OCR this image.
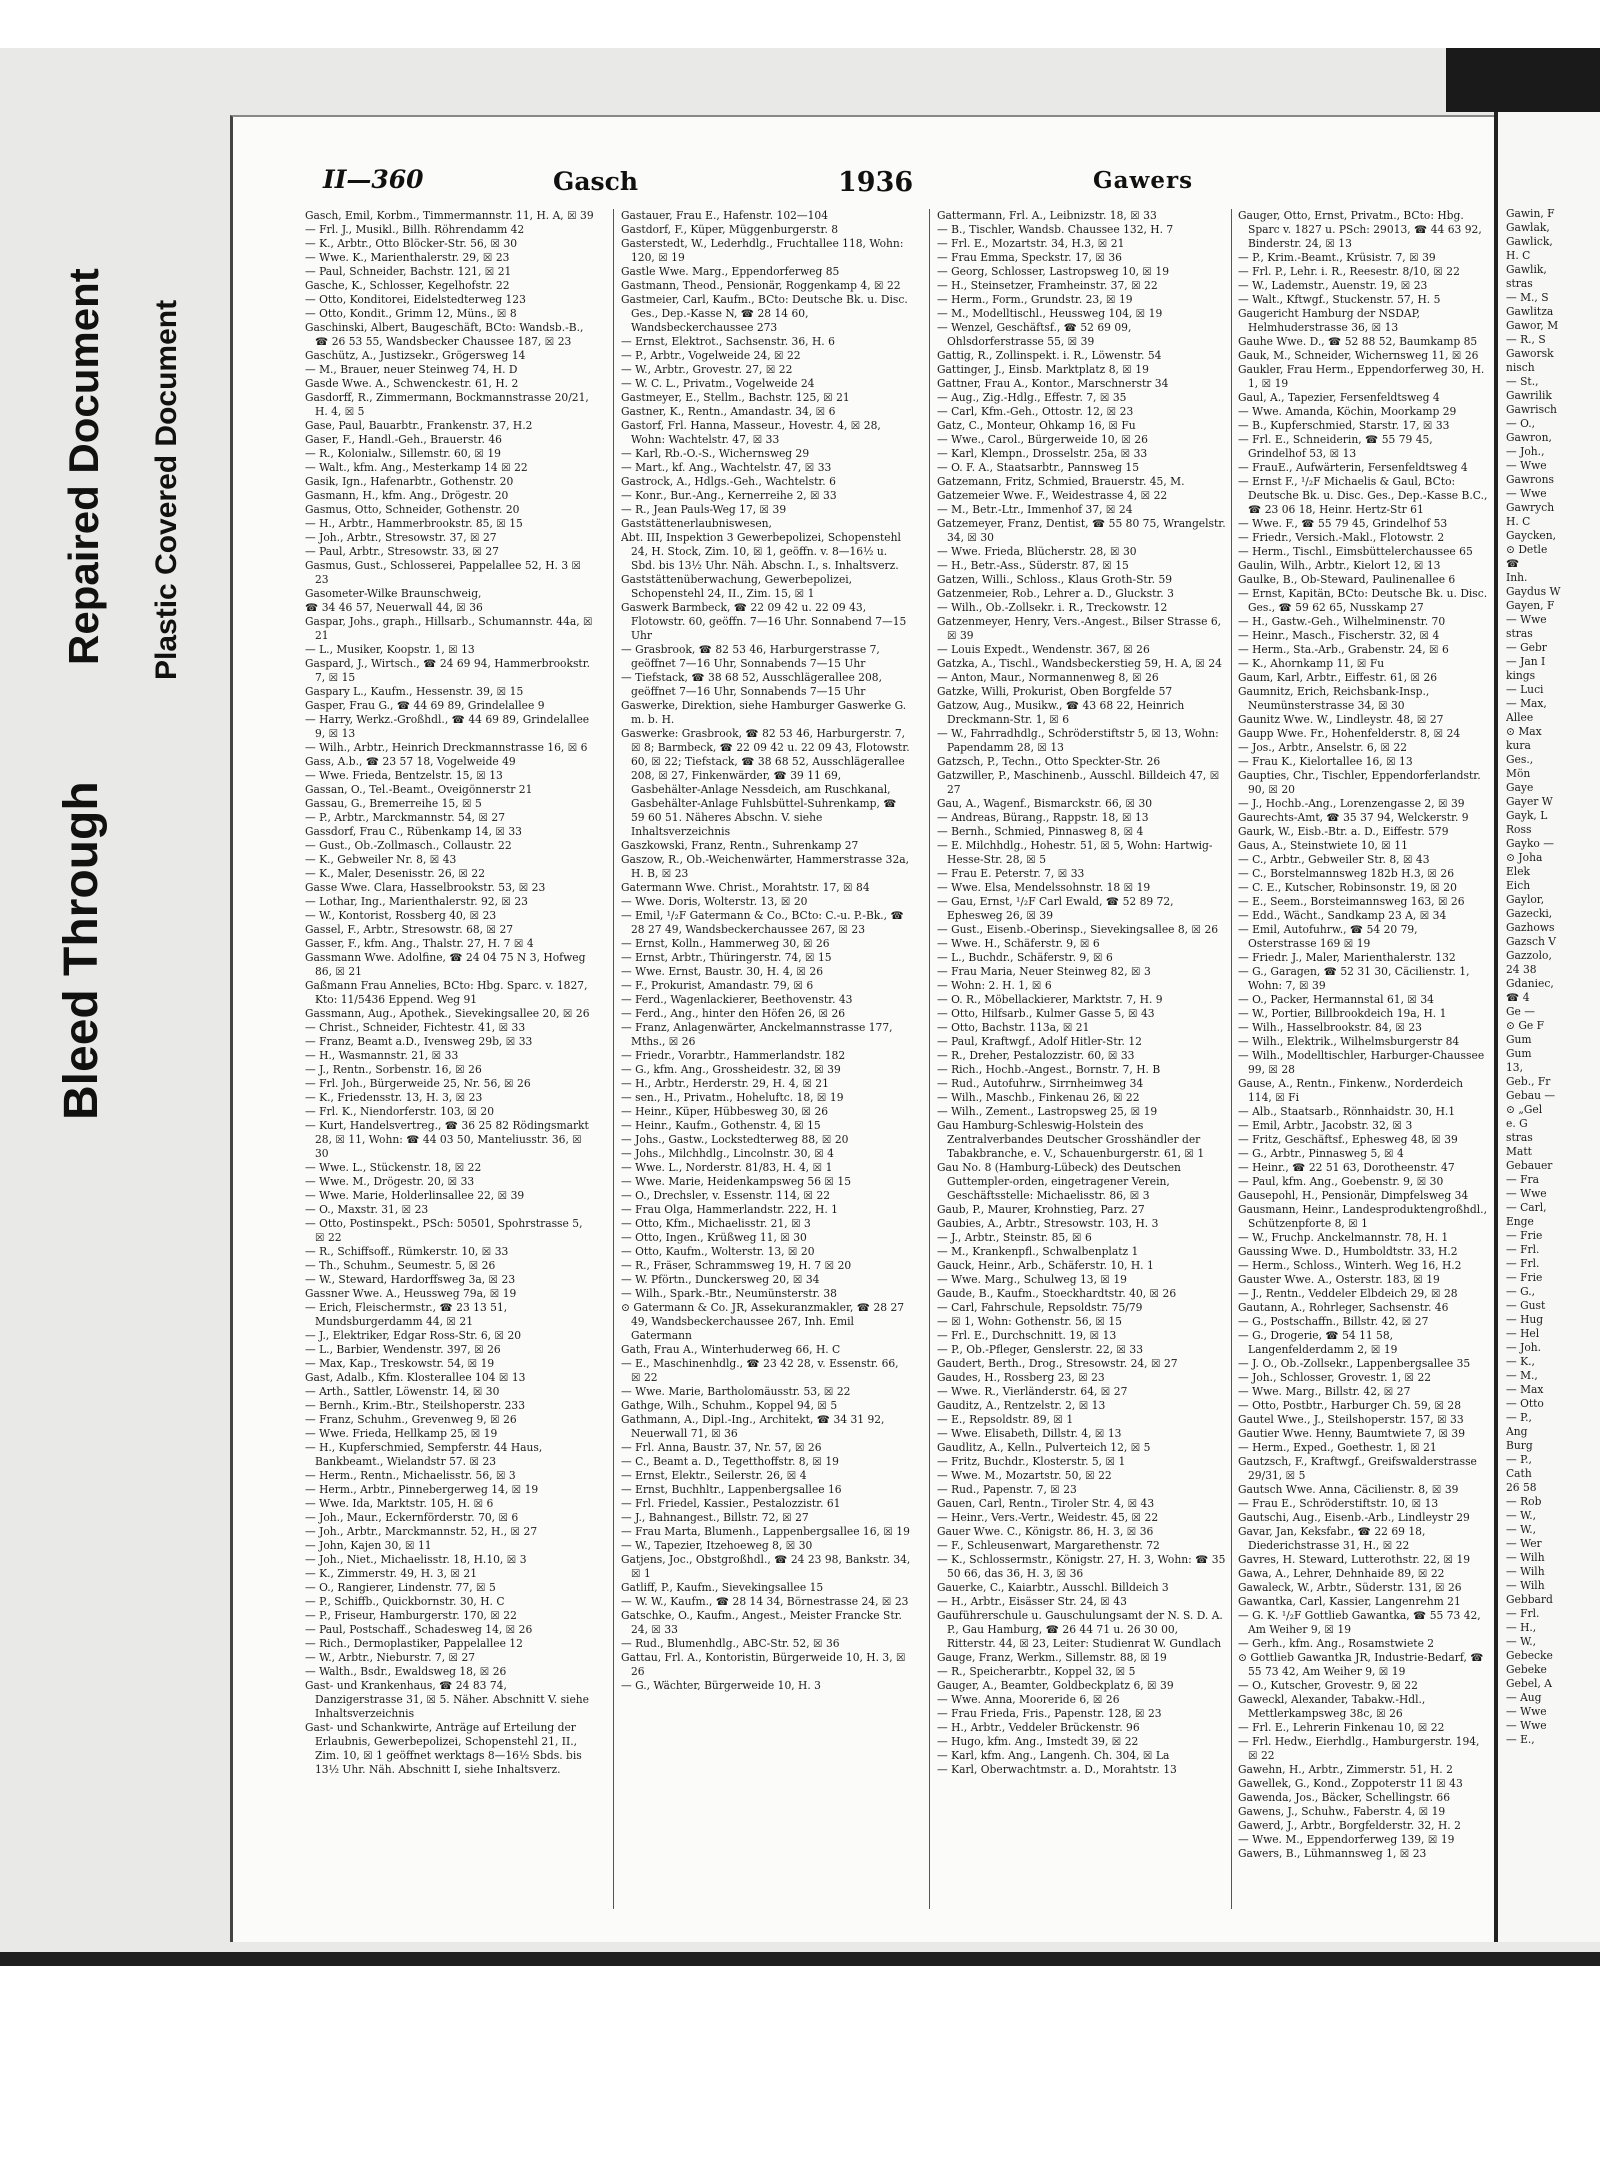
Bleed Through
Repaired Document Plastic Covered Document
II—360	Gasch	1936	Gawers
Gasch, Emil, Korbm., Timmermannstr. 11, H. A, ☒ 39
— Frl. J., Musikl., Billh. Röhrendamm 42
— K., Arbtr., Otto Blöcker-Str. 56, ☒ 30
— Wwe. K., Marienthalerstr. 29, ☒ 23
— Paul, Schneider, Bachstr. 121, ☒ 21
Gasche, K., Schlosser, Kegelhofstr. 22
— Otto, Konditorei, Eidelstedterweg 123
— Otto, Kondit., Grimm 12, Müns., ☒ 8
Gaschinski, Albert, Baugeschäft, BCto: Wandsb.-B., ☎ 26 53 55, Wandsbecker Chaussee 187, ☒ 23
Gaschütz, A., Justizsekr., Grögersweg 14
— M., Brauer, neuer Steinweg 74, H. D
Gasde Wwe. A., Schwenckestr. 61, H. 2
Gasdorff, R., Zimmermann, Bockmannstrasse 20/21, H. 4, ☒ 5
Gase, Paul, Bauarbtr., Frankenstr. 37, H.2
Gaser, F., Handl.-Geh., Brauerstr. 46
— R., Kolonialw., Sillemstr. 60, ☒ 19
— Walt., kfm. Ang., Mesterkamp 14 ☒ 22
Gasik, Ign., Hafenarbtr., Gothenstr. 20
Gasmann, H., kfm. Ang., Drögestr. 20
Gasmus, Otto, Schneider, Gothenstr. 20
— H., Arbtr., Hammerbrookstr. 85, ☒ 15
— Joh., Arbtr., Stresowstr. 37, ☒ 27
— Paul, Arbtr., Stresowstr. 33, ☒ 27
Gasmus, Gust., Schlosserei, Pappelallee 52, H. 3 ☒ 23
Gasometer-Wilke Braunschweig,
☎ 34 46 57, Neuerwall 44, ☒ 36
Gaspar, Johs., graph., Hillsarb., Schumannstr. 44a, ☒ 21
— L., Musiker, Koopstr. 1, ☒ 13
Gaspard, J., Wirtsch., ☎ 24 69 94, Hammerbrookstr. 7, ☒ 15
Gaspary L., Kaufm., Hessenstr. 39, ☒ 15
Gasper, Frau G., ☎ 44 69 89, Grindelallee 9
— Harry, Werkz.-Großhdl., ☎ 44 69 89, Grindelallee 9, ☒ 13
— Wilh., Arbtr., Heinrich Dreckmannstrasse 16, ☒ 6
Gass, A.b., ☎ 23 57 18, Vogelweide 49
— Wwe. Frieda, Bentzelstr. 15, ☒ 13
Gassan, O., Tel.-Beamt., Oveigönnerstr 21
Gassau, G., Bremerreihe 15, ☒ 5
— P., Arbtr., Marckmannstr. 54, ☒ 27
Gassdorf, Frau C., Rübenkamp 14, ☒ 33
— Gust., Ob.-Zollmasch., Collaustr. 22
— K., Gebweiler Nr. 8, ☒ 43
— K., Maler, Desenisstr. 26, ☒ 22
Gasse Wwe. Clara, Hasselbrookstr. 53, ☒ 23
— Lothar, Ing., Marienthalerstr. 92, ☒ 23
— W., Kontorist, Rossberg 40, ☒ 23
Gassel, F., Arbtr., Stresowstr. 68, ☒ 27
Gasser, F., kfm. Ang., Thalstr. 27, H. 7 ☒ 4
Gassmann Wwe. Adolfine, ☎ 24 04 75 N 3, Hofweg 86, ☒ 21
Gaßmann Frau Annelies, BCto: Hbg. Sparc. v. 1827, Kto: 11/5436 Eppend. Weg 91
Gassmann, Aug., Apothek., Sievekingsallee 20, ☒ 26
— Christ., Schneider, Fichtestr. 41, ☒ 33
— Franz, Beamt a.D., Ivensweg 29b, ☒ 33
— H., Wasmannstr. 21, ☒ 33
— J., Rentn., Sorbenstr. 16, ☒ 26
— Frl. Joh., Bürgerweide 25, Nr. 56, ☒ 26
— K., Friedensstr. 13, H. 3, ☒ 23
— Frl. K., Niendorferstr. 103, ☒ 20
— Kurt, Handelsvertreg., ☎ 36 25 82 Rödingsmarkt 28, ☒ 11, Wohn: ☎ 44 03 50, Manteliusstr. 36, ☒ 30
— Wwe. L., Stückenstr. 18, ☒ 22
— Wwe. M., Drögestr. 20, ☒ 33
— Wwe. Marie, Holderlinsallee 22, ☒ 39
— O., Maxstr. 31, ☒ 23
— Otto, Postinspekt., PSch: 50501, Spohrstrasse 5, ☒ 22
— R., Schiffsoff., Rümkerstr. 10, ☒ 33
— Th., Schuhm., Seumestr. 5, ☒ 26
— W., Steward, Hardorffsweg 3a, ☒ 23
Gassner Wwe. A., Heussweg 79a, ☒ 19
— Erich, Fleischermstr., ☎ 23 13 51, Mundsburgerdamm 44, ☒ 21
— J., Elektriker, Edgar Ross-Str. 6, ☒ 20
— L., Barbier, Wendenstr. 397, ☒ 26
— Max, Kap., Treskowstr. 54, ☒ 19
Gast, Adalb., Kfm. Klosterallee 104 ☒ 13
— Arth., Sattler, Löwenstr. 14, ☒ 30
— Bernh., Krim.-Btr., Steilshoperstr. 233
— Franz, Schuhm., Grevenweg 9, ☒ 26
— Wwe. Frieda, Hellkamp 25, ☒ 19
— H., Kupferschmied, Sempferstr. 44 Haus, Bankbeamt., Wielandstr 57. ☒ 23
— Herm., Rentn., Michaelisstr. 56, ☒ 3
— Herm., Arbtr., Pinnebergerweg 14, ☒ 19
— Wwe. Ida, Marktstr. 105, H. ☒ 6
— Joh., Maur., Eckernförderstr. 70, ☒ 6
— Joh., Arbtr., Marckmannstr. 52, H., ☒ 27
— John, Kajen 30, ☒ 11
— Joh., Niet., Michaelisstr. 18, H.10, ☒ 3
— K., Zimmerstr. 49, H. 3, ☒ 21
— O., Rangierer, Lindenstr. 77, ☒ 5
— P., Schiffb., Quickbornstr. 30, H. C
— P., Friseur, Hamburgerstr. 170, ☒ 22
— Paul, Postschaff., Schadesweg 14, ☒ 26
— Rich., Dermoplastiker, Pappelallee 12
— W., Arbtr., Nieburstr. 7, ☒ 27
— Walth., Bsdr., Ewaldsweg 18, ☒ 26
Gast- und Krankenhaus, ☎ 24 83 74, Danzigerstrasse 31, ☒ 5. Näher. Abschnitt V. siehe Inhaltsverzeichnis
Gast- und Schankwirte, Anträge auf Erteilung der Erlaubnis, Gewerbepolizei, Schopenstehl 21, II., Zim. 10, ☒ 1 geöffnet werktags 8—16½ Sbds. bis 13½ Uhr. Näh. Abschnitt I, siehe Inhaltsverz.
Gastauer, Frau E., Hafenstr. 102—104
Gastdorf, F., Küper, Müggenburgerstr. 8
Gasterstedt, W., Lederhdlg., Fruchtallee 118, Wohn: 120, ☒ 19
Gastle Wwe. Marg., Eppendorferweg 85
Gastmann, Theod., Pensionär, Roggenkamp 4, ☒ 22
Gastmeier, Carl, Kaufm., BCto: Deutsche Bk. u. Disc. Ges., Dep.-Kasse N, ☎ 28 14 60, Wandsbeckerchaussee 273
— Ernst, Elektrot., Sachsenstr. 36, H. 6
— P., Arbtr., Vogelweide 24, ☒ 22
— W., Arbtr., Grovestr. 27, ☒ 22
— W. C. L., Privatm., Vogelweide 24
Gastmeyer, E., Stellm., Bachstr. 125, ☒ 21
Gastner, K., Rentn., Amandastr. 34, ☒ 6
Gastorf, Frl. Hanna, Masseur., Hovestr. 4, ☒ 28, Wohn: Wachtelstr. 47, ☒ 33
— Karl, Rb.-O.-S., Wichernsweg 29
— Mart., kf. Ang., Wachtelstr. 47, ☒ 33
Gastrock, A., Hdlgs.-Geh., Wachtelstr. 6
— Konr., Bur.-Ang., Kernerreihe 2, ☒ 33
— R., Jean Pauls-Weg 17, ☒ 39
Gaststättenerlaubniswesen,
Abt. III, Inspektion 3 Gewerbepolizei, Schopenstehl 24, H. Stock, Zim. 10, ☒ 1, geöffn. v. 8—16½ u. Sbd. bis 13½ Uhr. Näh. Abschn. I., s. Inhaltsverz.
Gaststättenüberwachung, Gewerbepolizei, Schopenstehl 24, II., Zim. 15, ☒ 1
Gaswerk Barmbeck, ☎ 22 09 42 u. 22 09 43, Flotowstr. 60, geöffn. 7—16 Uhr. Sonnabend 7—15 Uhr
— Grasbrook, ☎ 82 53 46, Harburgerstrasse 7, geöffnet 7—16 Uhr, Sonnabends 7—15 Uhr
— Tiefstack, ☎ 38 68 52, Ausschlägerallee 208, geöffnet 7—16 Uhr, Sonnabends 7—15 Uhr
Gaswerke, Direktion, siehe Hamburger Gaswerke G. m. b. H.
Gaswerke: Grasbrook, ☎ 82 53 46, Harburgerstr. 7, ☒ 8; Barmbeck, ☎ 22 09 42 u. 22 09 43, Flotowstr. 60, ☒ 22; Tiefstack, ☎ 38 68 52, Ausschlägerallee 208, ☒ 27, Finkenwärder, ☎ 39 11 69, Gasbehälter-Anlage Nessdeich, am Ruschkanal, Gasbehälter-Anlage Fuhlsbüttel-Suhrenkamp, ☎ 59 60 51. Näheres Abschn. V. siehe Inhaltsverzeichnis
Gaszkowski, Franz, Rentn., Suhrenkamp 27
Gaszow, R., Ob.-Weichenwärter, Hammerstrasse 32a, H. B, ☒ 23
Gatermann Wwe. Christ., Morahtstr. 17, ☒ 84
— Wwe. Doris, Wolterstr. 13, ☒ 20
— Emil, ¹/₂F Gatermann & Co., BCto: C.-u. P.-Bk., ☎ 28 27 49, Wandsbeckerchaussee 267, ☒ 23
— Ernst, Kolln., Hammerweg 30, ☒ 26
— Ernst, Arbtr., Thüringerstr. 74, ☒ 15
— Wwe. Ernst, Baustr. 30, H. 4, ☒ 26
— F., Prokurist, Amandastr. 79, ☒ 6
— Ferd., Wagenlackierer, Beethovenstr. 43
— Ferd., Ang., hinter den Höfen 26, ☒ 26
— Franz, Anlagenwärter, Anckelmannstrasse 177, Mths., ☒ 26
— Friedr., Vorarbtr., Hammerlandstr. 182
— G., kfm. Ang., Grossheidestr. 32, ☒ 39
— H., Arbtr., Herderstr. 29, H. 4, ☒ 21
— sen., H., Privatm., Hoheluftc. 18, ☒ 19
— Heinr., Küper, Hübbesweg 30, ☒ 26
— Heinr., Kaufm., Gothenstr. 4, ☒ 15
— Johs., Gastw., Lockstedterweg 88, ☒ 20
— Johs., Milchhdlg., Lincolnstr. 30, ☒ 4
— Wwe. L., Norderstr. 81/83, H. 4, ☒ 1
— Wwe. Marie, Heidenkampsweg 56 ☒ 15
— O., Drechsler, v. Essenstr. 114, ☒ 22
— Frau Olga, Hammerlandstr. 222, H. 1
— Otto, Kfm., Michaelisstr. 21, ☒ 3
— Otto, Ingen., Krüßweg 11, ☒ 30
— Otto, Kaufm., Wolterstr. 13, ☒ 20
— R., Fräser, Schrammsweg 19, H. 7 ☒ 20
— W. Pförtn., Dunckersweg 20, ☒ 34
— Wilh., Spark.-Btr., Neumünsterstr. 38
⊙ Gatermann & Co. JR, Assekuranzmakler, ☎ 28 27 49, Wandsbeckerchaussee 267, Inh. Emil Gatermann
Gath, Frau A., Winterhuderweg 66, H. C
— E., Maschinenhdlg., ☎ 23 42 28, v. Essenstr. 66, ☒ 22
— Wwe. Marie, Bartholomäusstr. 53, ☒ 22
Gathge, Wilh., Schuhm., Koppel 94, ☒ 5
Gathmann, A., Dipl.-Ing., Architekt, ☎ 34 31 92, Neuerwall 71, ☒ 36
— Frl. Anna, Baustr. 37, Nr. 57, ☒ 26
— C., Beamt a. D., Tegetthoffstr. 8, ☒ 19
— Ernst, Elektr., Seilerstr. 26, ☒ 4
— Ernst, Buchhltr., Lappenbergsallee 16
— Frl. Friedel, Kassier., Pestalozzistr. 61
— J., Bahnangest., Billstr. 72, ☒ 27
— Frau Marta, Blumenh., Lappenbergsallee 16, ☒ 19
— W., Tapezier, Itzehoeweg 8, ☒ 30
Gatjens, Joc., Obstgroßhdl., ☎ 24 23 98, Bankstr. 34, ☒ 1
Gatliff, P., Kaufm., Sievekingsallee 15
— W. W., Kaufm., ☎ 28 14 34, Börnestrasse 24, ☒ 23
Gatschke, O., Kaufm., Angest., Meister Francke Str. 24, ☒ 33
— Rud., Blumenhdlg., ABC-Str. 52, ☒ 36
Gattau, Frl. A., Kontoristin, Bürgerweide 10, H. 3, ☒ 26
— G., Wächter, Bürgerweide 10, H. 3
Gattermann, Frl. A., Leibnizstr. 18, ☒ 33
— B., Tischler, Wandsb. Chaussee 132, H. 7
— Frl. E., Mozartstr. 34, H.3, ☒ 21
— Frau Emma, Speckstr. 17, ☒ 36
— Georg, Schlosser, Lastropsweg 10, ☒ 19
— H., Steinsetzer, Framheinstr. 37, ☒ 22
— Herm., Form., Grundstr. 23, ☒ 19
— M., Modelltischl., Heussweg 104, ☒ 19
— Wenzel, Geschäftsf., ☎ 52 69 09, Ohlsdorferstrasse 55, ☒ 39
Gattig, R., Zollinspekt. i. R., Löwenstr. 54
Gattinger, J., Einsb. Marktplatz 8, ☒ 19
Gattner, Frau A., Kontor., Marschnerstr 34
— Aug., Zig.-Hdlg., Effestr. 7, ☒ 35
— Carl, Kfm.-Geh., Ottostr. 12, ☒ 23
Gatz, C., Monteur, Ohkamp 16, ☒ Fu
— Wwe., Carol., Bürgerweide 10, ☒ 26
— Karl, Klempn., Drosselstr. 25a, ☒ 33
— O. F. A., Staatsarbtr., Pannsweg 15
Gatzemann, Fritz, Schmied, Brauerstr. 45, M.
Gatzemeier Wwe. F., Weidestrasse 4, ☒ 22
— M., Betr.-Ltr., Immenhof 37, ☒ 24
Gatzemeyer, Franz, Dentist, ☎ 55 80 75, Wrangelstr. 34, ☒ 30
— Wwe. Frieda, Blücherstr. 28, ☒ 30
— H., Betr.-Ass., Süderstr. 87, ☒ 15
Gatzen, Willi., Schloss., Klaus Groth-Str. 59
Gatzenmeier, Rob., Lehrer a. D., Gluckstr. 3
— Wilh., Ob.-Zollsekr. i. R., Treckowstr. 12
Gatzenmeyer, Henry, Vers.-Angest., Bilser Strasse 6, ☒ 39
— Louis Expedt., Wendenstr. 367, ☒ 26
Gatzka, A., Tischl., Wandsbeckerstieg 59, H. A, ☒ 24
— Anton, Maur., Normannenweg 8, ☒ 26
Gatzke, Willi, Prokurist, Oben Borgfelde 57
Gatzow, Aug., Musikw., ☎ 43 68 22, Heinrich Dreckmann-Str. 1, ☒ 6
— W., Fahrradhdlg., Schröderstiftstr 5, ☒ 13, Wohn: Papendamm 28, ☒ 13
Gatzsch, P., Techn., Otto Speckter-Str. 26
Gatzwiller, P., Maschinenb., Ausschl. Billdeich 47, ☒ 27
Gau, A., Wagenf., Bismarckstr. 66, ☒ 30
— Andreas, Bürang., Rappstr. 18, ☒ 13
— Bernh., Schmied, Pinnasweg 8, ☒ 4
— E. Milchhdlg., Hohestr. 51, ☒ 5, Wohn: Hartwig-Hesse-Str. 28, ☒ 5
— Frau E. Peterstr. 7, ☒ 33
— Wwe. Elsa, Mendelssohnstr. 18 ☒ 19
— Gau, Ernst, ¹/₂F Carl Ewald, ☎ 52 89 72, Ephesweg 26, ☒ 39
— Gust., Eisenb.-Oberinsp., Sievekingsallee 8, ☒ 26
— Wwe. H., Schäferstr. 9, ☒ 6
— L., Buchdr., Schäferstr. 9, ☒ 6
— Frau Maria, Neuer Steinweg 82, ☒ 3
— Wohn: 2. H. 1, ☒ 6
— O. R., Möbellackierer, Marktstr. 7, H. 9
— Otto, Hilfsarb., Kulmer Gasse 5, ☒ 43
— Otto, Bachstr. 113a, ☒ 21
— Paul, Kraftwgf., Adolf Hitler-Str. 12
— R., Dreher, Pestalozzistr. 60, ☒ 33
— Rich., Hochb.-Angest., Bornstr. 7, H. B
— Rud., Autofuhrw., Sirrnheimweg 34
— Wilh., Maschb., Finkenau 26, ☒ 22
— Wilh., Zement., Lastropsweg 25, ☒ 19
Gau Hamburg-Schleswig-Holstein des Zentralverbandes Deutscher Grosshändler der Tabakbranche, e. V., Schauenburgerstr. 61, ☒ 1
Gau No. 8 (Hamburg-Lübeck) des Deutschen Guttempler-orden, eingetragener Verein, Geschäftsstelle: Michaelisstr. 86, ☒ 3
Gaub, P., Maurer, Krohnstieg, Parz. 27
Gaubies, A., Arbtr., Stresowstr. 103, H. 3
— J., Arbtr., Steinstr. 85, ☒ 6
— M., Krankenpfl., Schwalbenplatz 1
Gauck, Heinr., Arb., Schäferstr. 10, H. 1
— Wwe. Marg., Schulweg 13, ☒ 19
Gaude, B., Kaufm., Stoeckhardtstr. 40, ☒ 26
— Carl, Fahrschule, Repsoldstr. 75/79
— ☒ 1, Wohn: Gothenstr. 56, ☒ 15
— Frl. E., Durchschnitt. 19, ☒ 13
— P., Ob.-Pfleger, Genslerstr. 22, ☒ 33
Gaudert, Berth., Drog., Stresowstr. 24, ☒ 27
Gaudes, H., Rossberg 23, ☒ 23
— Wwe. R., Vierländerstr. 64, ☒ 27
Gauditz, A., Rentzelstr. 2, ☒ 13
— E., Repsoldstr. 89, ☒ 1
— Wwe. Elisabeth, Dillstr. 4, ☒ 13
Gaudlitz, A., Kelln., Pulverteich 12, ☒ 5
— Fritz, Buchdr., Klosterstr. 5, ☒ 1
— Wwe. M., Mozartstr. 50, ☒ 22
— Rud., Papenstr. 7, ☒ 23
Gauen, Carl, Rentn., Tiroler Str. 4, ☒ 43
— Heinr., Vers.-Vertr., Weidestr. 45, ☒ 22
Gauer Wwe. C., Königstr. 86, H. 3, ☒ 36
— F., Schleusenwart, Margarethenstr. 72
— K., Schlossermstr., Königstr. 27, H. 3, Wohn: ☎ 35 50 66, das 36, H. 3, ☒ 36
Gauerke, C., Kaiarbtr., Ausschl. Billdeich 3
— H., Arbtr., Eisässer Str. 24, ☒ 43
Gauführerschule u. Gauschulungsamt der N. S. D. A. P., Gau Hamburg, ☎ 26 44 71 u. 26 30 00, Ritterstr. 44, ☒ 23, Leiter: Studienrat W. Gundlach
Gauge, Franz, Werkm., Sillemstr. 88, ☒ 19
— R., Speicherarbtr., Koppel 32, ☒ 5
Gauger, A., Beamter, Goldbeckplatz 6, ☒ 39
— Wwe. Anna, Mooreride 6, ☒ 26
— Frau Frieda, Fris., Papenstr. 128, ☒ 23
— H., Arbtr., Veddeler Brückenstr. 96
— Hugo, kfm. Ang., Imstedt 39, ☒ 22
— Karl, kfm. Ang., Langenh. Ch. 304, ☒ La
— Karl, Oberwachtmstr. a. D., Morahtstr. 13
Gauger, Otto, Ernst, Privatm., BCto: Hbg. Sparc v. 1827 u. PSch: 29013, ☎ 44 63 92, Binderstr. 24, ☒ 13
— P., Krim.-Beamt., Krüsistr. 7, ☒ 39
— Frl. P., Lehr. i. R., Reesestr. 8/10, ☒ 22
— W., Lademstr., Auenstr. 19, ☒ 23
— Walt., Kftwgf., Stuckenstr. 57, H. 5
Gaugericht Hamburg der NSDAP, Helmhuderstrasse 36, ☒ 13
Gauhe Wwe. D., ☎ 52 88 52, Baumkamp 85
Gauk, M., Schneider, Wichernsweg 11, ☒ 26
Gaukler, Frau Herm., Eppendorferweg 30, H. 1, ☒ 19
Gaul, A., Tapezier, Fersenfeldtsweg 4
— Wwe. Amanda, Köchin, Moorkamp 29
— B., Kupferschmied, Starstr. 17, ☒ 33
— Frl. E., Schneiderin, ☎ 55 79 45, Grindelhof 53, ☒ 13
— FrauE., Aufwärterin, Fersenfeldtsweg 4
— Ernst F., ¹/₂F Michaelis & Gaul, BCto: Deutsche Bk. u. Disc. Ges., Dep.-Kasse B.C., ☎ 23 06 18, Heinr. Hertz-Str 61
— Wwe. F., ☎ 55 79 45, Grindelhof 53
— Friedr., Versich.-Makl., Flotowstr. 2
— Herm., Tischl., Eimsbüttelerchaussee 65
Gaulin, Wilh., Arbtr., Kielort 12, ☒ 13
Gaulke, B., Ob-Steward, Paulinenallee 6
— Ernst, Kapitän, BCto: Deutsche Bk. u. Disc. Ges., ☎ 59 62 65, Nusskamp 27
— H., Gastw.-Geh., Wilhelminenstr. 70
— Heinr., Masch., Fischerstr. 32, ☒ 4
— Herm., Sta.-Arb., Grabenstr. 24, ☒ 6
— K., Ahornkamp 11, ☒ Fu
Gaum, Karl, Arbtr., Eiffestr. 61, ☒ 26
Gaumnitz, Erich, Reichsbank-Insp., Neumünsterstrasse 34, ☒ 30
Gaunitz Wwe. W., Lindleystr. 48, ☒ 27
Gaupp Wwe. Fr., Hohenfelderstr. 8, ☒ 24
— Jos., Arbtr., Anselstr. 6, ☒ 22
— Frau K., Kielortallee 16, ☒ 13
Gaupties, Chr., Tischler, Eppendorferlandstr. 90, ☒ 20
— J., Hochb.-Ang., Lorenzengasse 2, ☒ 39
Gaurechts-Amt, ☎ 35 37 94, Welckerstr. 9
Gaurk, W., Eisb.-Btr. a. D., Eiffestr. 579
Gaus, A., Steinstwiete 10, ☒ 11
— C., Arbtr., Gebweiler Str. 8, ☒ 43
— C., Borstelmannsweg 182b H.3, ☒ 26
— C. E., Kutscher, Robinsonstr. 19, ☒ 20
— E., Seem., Borsteimannsweg 163, ☒ 26
— Edd., Wächt., Sandkamp 23 A, ☒ 34
— Emil, Autofuhrw., ☎ 54 20 79, Osterstrasse 169 ☒ 19
— Friedr. J., Maler, Marienthalerstr. 132
— G., Garagen, ☎ 52 31 30, Cäcilienstr. 1, Wohn: 7, ☒ 39
— O., Packer, Hermannstal 61, ☒ 34
— W., Portier, Billbrookdeich 19a, H. 1
— Wilh., Hasselbrookstr. 84, ☒ 23
— Wilh., Elektrik., Wilhelmsburgerstr 84
— Wilh., Modelltischler, Harburger-Chaussee 99, ☒ 28
Gause, A., Rentn., Finkenw., Norderdeich 114, ☒ Fi
— Alb., Staatsarb., Rönnhaidstr. 30, H.1
— Emil, Arbtr., Jacobstr. 32, ☒ 3
— Fritz, Geschäftsf., Ephesweg 48, ☒ 39
— G., Arbtr., Pinnasweg 5, ☒ 4
— Heinr., ☎ 22 51 63, Dorotheenstr. 47
— Paul, kfm. Ang., Goebenstr. 9, ☒ 30
Gausepohl, H., Pensionär, Dimpfelsweg 34
Gausmann, Heinr., Landesproduktengroßhdl., Schützenpforte 8, ☒ 1
— W., Fruchp. Anckelmannstr. 78, H. 1
Gaussing Wwe. D., Humboldtstr. 33, H.2
— Herm., Schloss., Winterh. Weg 16, H.2
Gauster Wwe. A., Osterstr. 183, ☒ 19
— J., Rentn., Veddeler Elbdeich 29, ☒ 28
Gautann, A., Rohrleger, Sachsenstr. 46
— G., Postschaffn., Billstr. 42, ☒ 27
— G., Drogerie, ☎ 54 11 58, Langenfelderdamm 2, ☒ 19
— J. O., Ob.-Zollsekr., Lappenbergsallee 35
— Joh., Schlosser, Grovestr. 1, ☒ 22
— Wwe. Marg., Billstr. 42, ☒ 27
— Otto, Postbtr., Harburger Ch. 59, ☒ 28
Gautel Wwe., J., Steilshoperstr. 157, ☒ 33
Gautier Wwe. Henny, Baumtwiete 7, ☒ 39
— Herm., Exped., Goethestr. 1, ☒ 21
Gautzsch, F., Kraftwgf., Greifswalderstrasse 29/31, ☒ 5
Gautsch Wwe. Anna, Cäcilienstr. 8, ☒ 39
— Frau E., Schröderstiftstr. 10, ☒ 13
Gautschi, Aug., Eisenb.-Arb., Lindleystr 29
Gavar, Jan, Keksfabr., ☎ 22 69 18, Diederichstrasse 31, H., ☒ 22
Gavres, H. Steward, Lutterothstr. 22, ☒ 19
Gawa, A., Lehrer, Dehnhaide 89, ☒ 22
Gawaleck, W., Arbtr., Süderstr. 131, ☒ 26
Gawantka, Carl, Kassier, Langenrehm 21
— G. K. ¹/₂F Gottlieb Gawantka, ☎ 55 73 42, Am Weiher 9, ☒ 19
— Gerh., kfm. Ang., Rosamstwiete 2
⊙ Gottlieb Gawantka JR, Industrie-Bedarf, ☎ 55 73 42, Am Weiher 9, ☒ 19
— O., Kutscher, Grovestr. 9, ☒ 22
Gaweckl, Alexander, Tabakw.-Hdl., Mettlerkampsweg 38c, ☒ 26
— Frl. E., Lehrerin Finkenau 10, ☒ 22
— Frl. Hedw., Eierhdlg., Hamburgerstr. 194, ☒ 22
Gawehn, H., Arbtr., Zimmerstr. 51, H. 2
Gawellek, G., Kond., Zoppoterstr 11 ☒ 43
Gawenda, Jos., Bäcker, Schellingstr. 66
Gawens, J., Schuhw., Faberstr. 4, ☒ 19
Gawerd, J., Arbtr., Borgfelderstr. 32, H. 2
— Wwe. M., Eppendorferweg 139, ☒ 19
Gawers, B., Lühmannsweg 1, ☒ 23
Gawin, F
Gawlak,
Gawlick,
H. C
Gawlik,
stras
— M., S
Gawlitza
Gawor, M
— R., S
Gaworsk
nisch
— St.,
Gawrilik
Gawrisch
— O.,
Gawron,
— Joh.,
— Wwe
Gawrons
— Wwe
Gawrych
H. C
Gaycken,
⊙ Detle
☎
Inh.
Gaydus W
Gayen, F
— Wwe
stras
— Gebr
— Jan I
kings
— Luci
— Max,
Allee
⊙ Max
kura
Ges.,
Mön
Gaye
Gayer W
Gayk, L
Ross
Gayko —
⊙ Joha
Elek
Eich
Gaylor,
Gazecki,
Gazhows
Gazsch V
Gazzolo,
24 38
Gdaniec,
☎ 4
Ge —
⊙ Ge F
Gum
Gum
13,
Geb., Fr
Gebau —
⊙ „Gel
e. G
stras
Matt
Gebauer
— Fra
— Wwe
— Carl,
Enge
— Frie
— Frl.
— Frl.
— Frie
— G.,
— Gust
— Hug
— Hel
— Joh.
— K.,
— M.,
— Max
— Otto
— P.,
Ang
Burg
— P.,
Cath
26 58
— Rob
— W.,
— W.,
— Wer
— Wilh
— Wilh
— Wilh
Gebbard
— Frl.
— H.,
— W.,
Gebecke
Gebeke
Gebel, A
— Aug
— Wwe
— Wwe
— E.,
